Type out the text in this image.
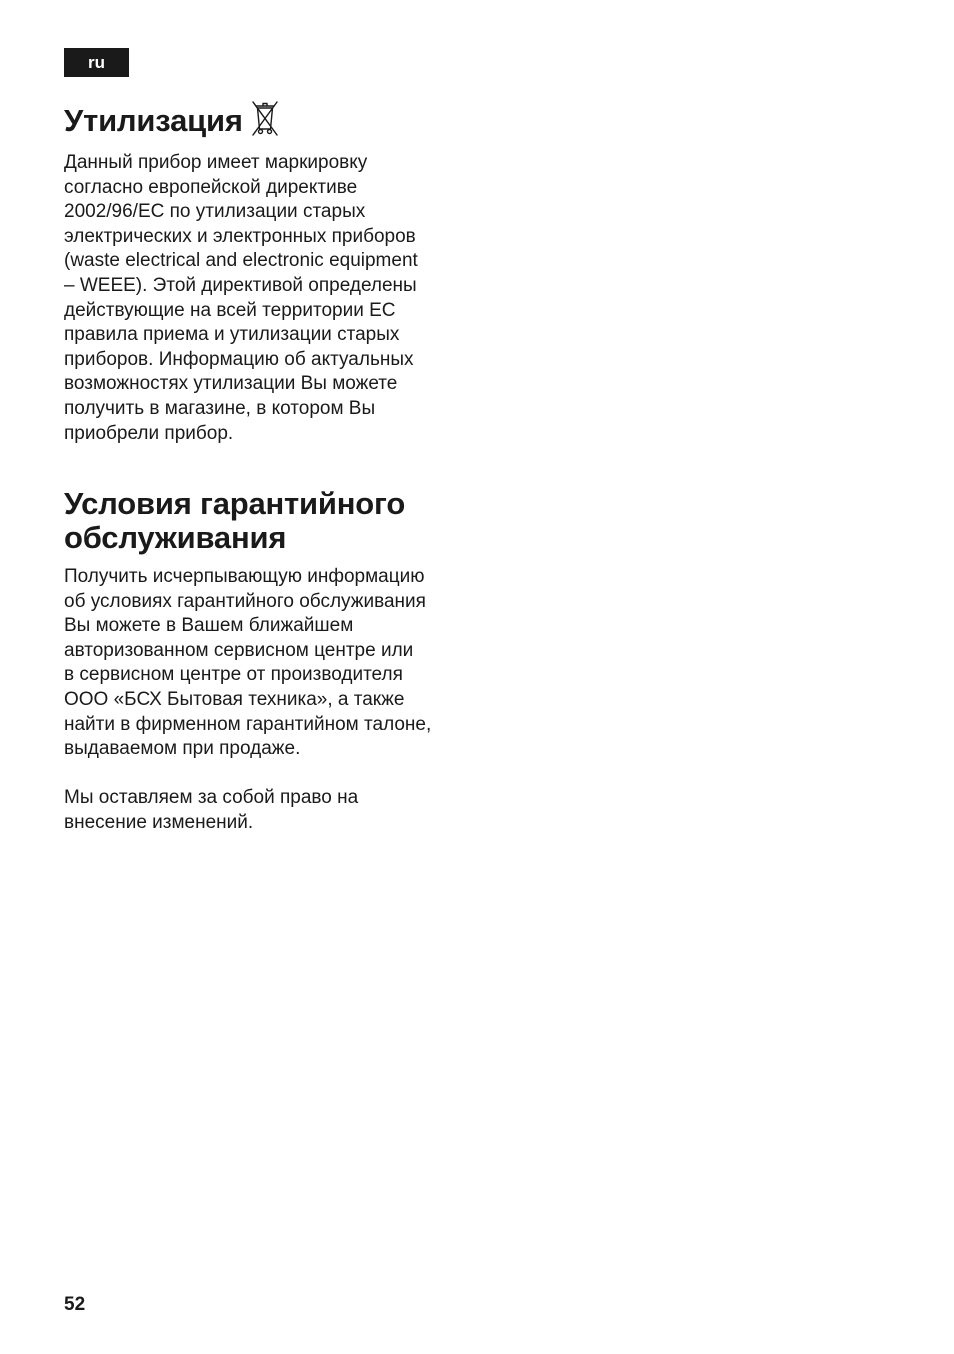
ru
Утилизация

Данный прибор имеет маркировку
согласно европейской директиве
2002/96/EC по утилизации старых
электрических и электронных приборов
(waste electrical and electronic equipment
– WEEE). Этой директивой определены
действующие на всей территории ЕС
правила приема и утилизации старых
приборов. Информацию об актуальных
возможностях утилизации Вы можете
получить в магазине, в котором Вы
приобрели прибор.

Условия гарантийного
обслуживания

Получить исчерпывающую информацию
об условиях гарантийного обслуживания
Вы можете в Вашем ближайшем
авторизованном сервисном центре или
в сервисном центре от производителя
ООО «БСХ Бытовая техника», а также
найти в фирменном гарантийном талоне,
выдаваемом при продаже.

Мы оставляем за собой право на
внесение изменений.

52
